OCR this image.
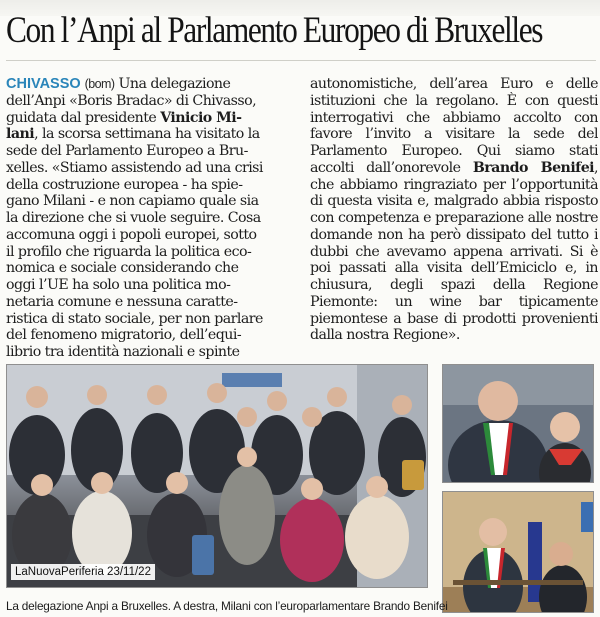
Con l’Anpi al Parlamento Europeo di Bruxelles
CHIVASSO (bom) Una delegazione
dell’Anpi «Boris Bradac» di Chivasso,
guidata dal presidente Vinicio Mi-
lani, la scorsa settimana ha visitato la
sede del Parlamento Europeo a Bru-
xelles. «Stiamo assistendo ad una crisi
della costruzione europea - ha spie-
gano Milani - e non capiamo quale sia
la direzione che si vuole seguire. Cosa
accomuna oggi i popoli europei, sotto
il profilo che riguarda la politica eco-
nomica e sociale considerando che
oggi l’UE ha solo una politica mo-
netaria comune e nessuna caratte-
ristica di stato sociale, per non parlare
del fenomeno migratorio, dell’equi-
librio tra identità nazionali e spinte

autonomistiche, dell’area Euro e delle istituzioni che la regolano. È con questi interrogativi che abbiamo accolto con favore l’invito a visitare la sede del Parlamento Europeo. Qui siamo stati accolti dall’onorevole Brando Benifei, che abbiamo ringraziato per l’opportunità di questa visita e, malgrado abbia risposto con competenza e preparazione alle nostre domande non ha però dissipato del tutto i dubbi che avevamo appena arrivati. Si è poi passati alla visita dell’Emiciclo e, in chiusura, degli spazi della Regione Piemonte: un wine bar tipicamente piemontese a base di prodotti provenienti dalla nostra Regione».

LaNuovaPeriferia 23/11/22
La delegazione Anpi a Bruxelles. A destra, Milani con l’europarlamentare Brando Benifei
